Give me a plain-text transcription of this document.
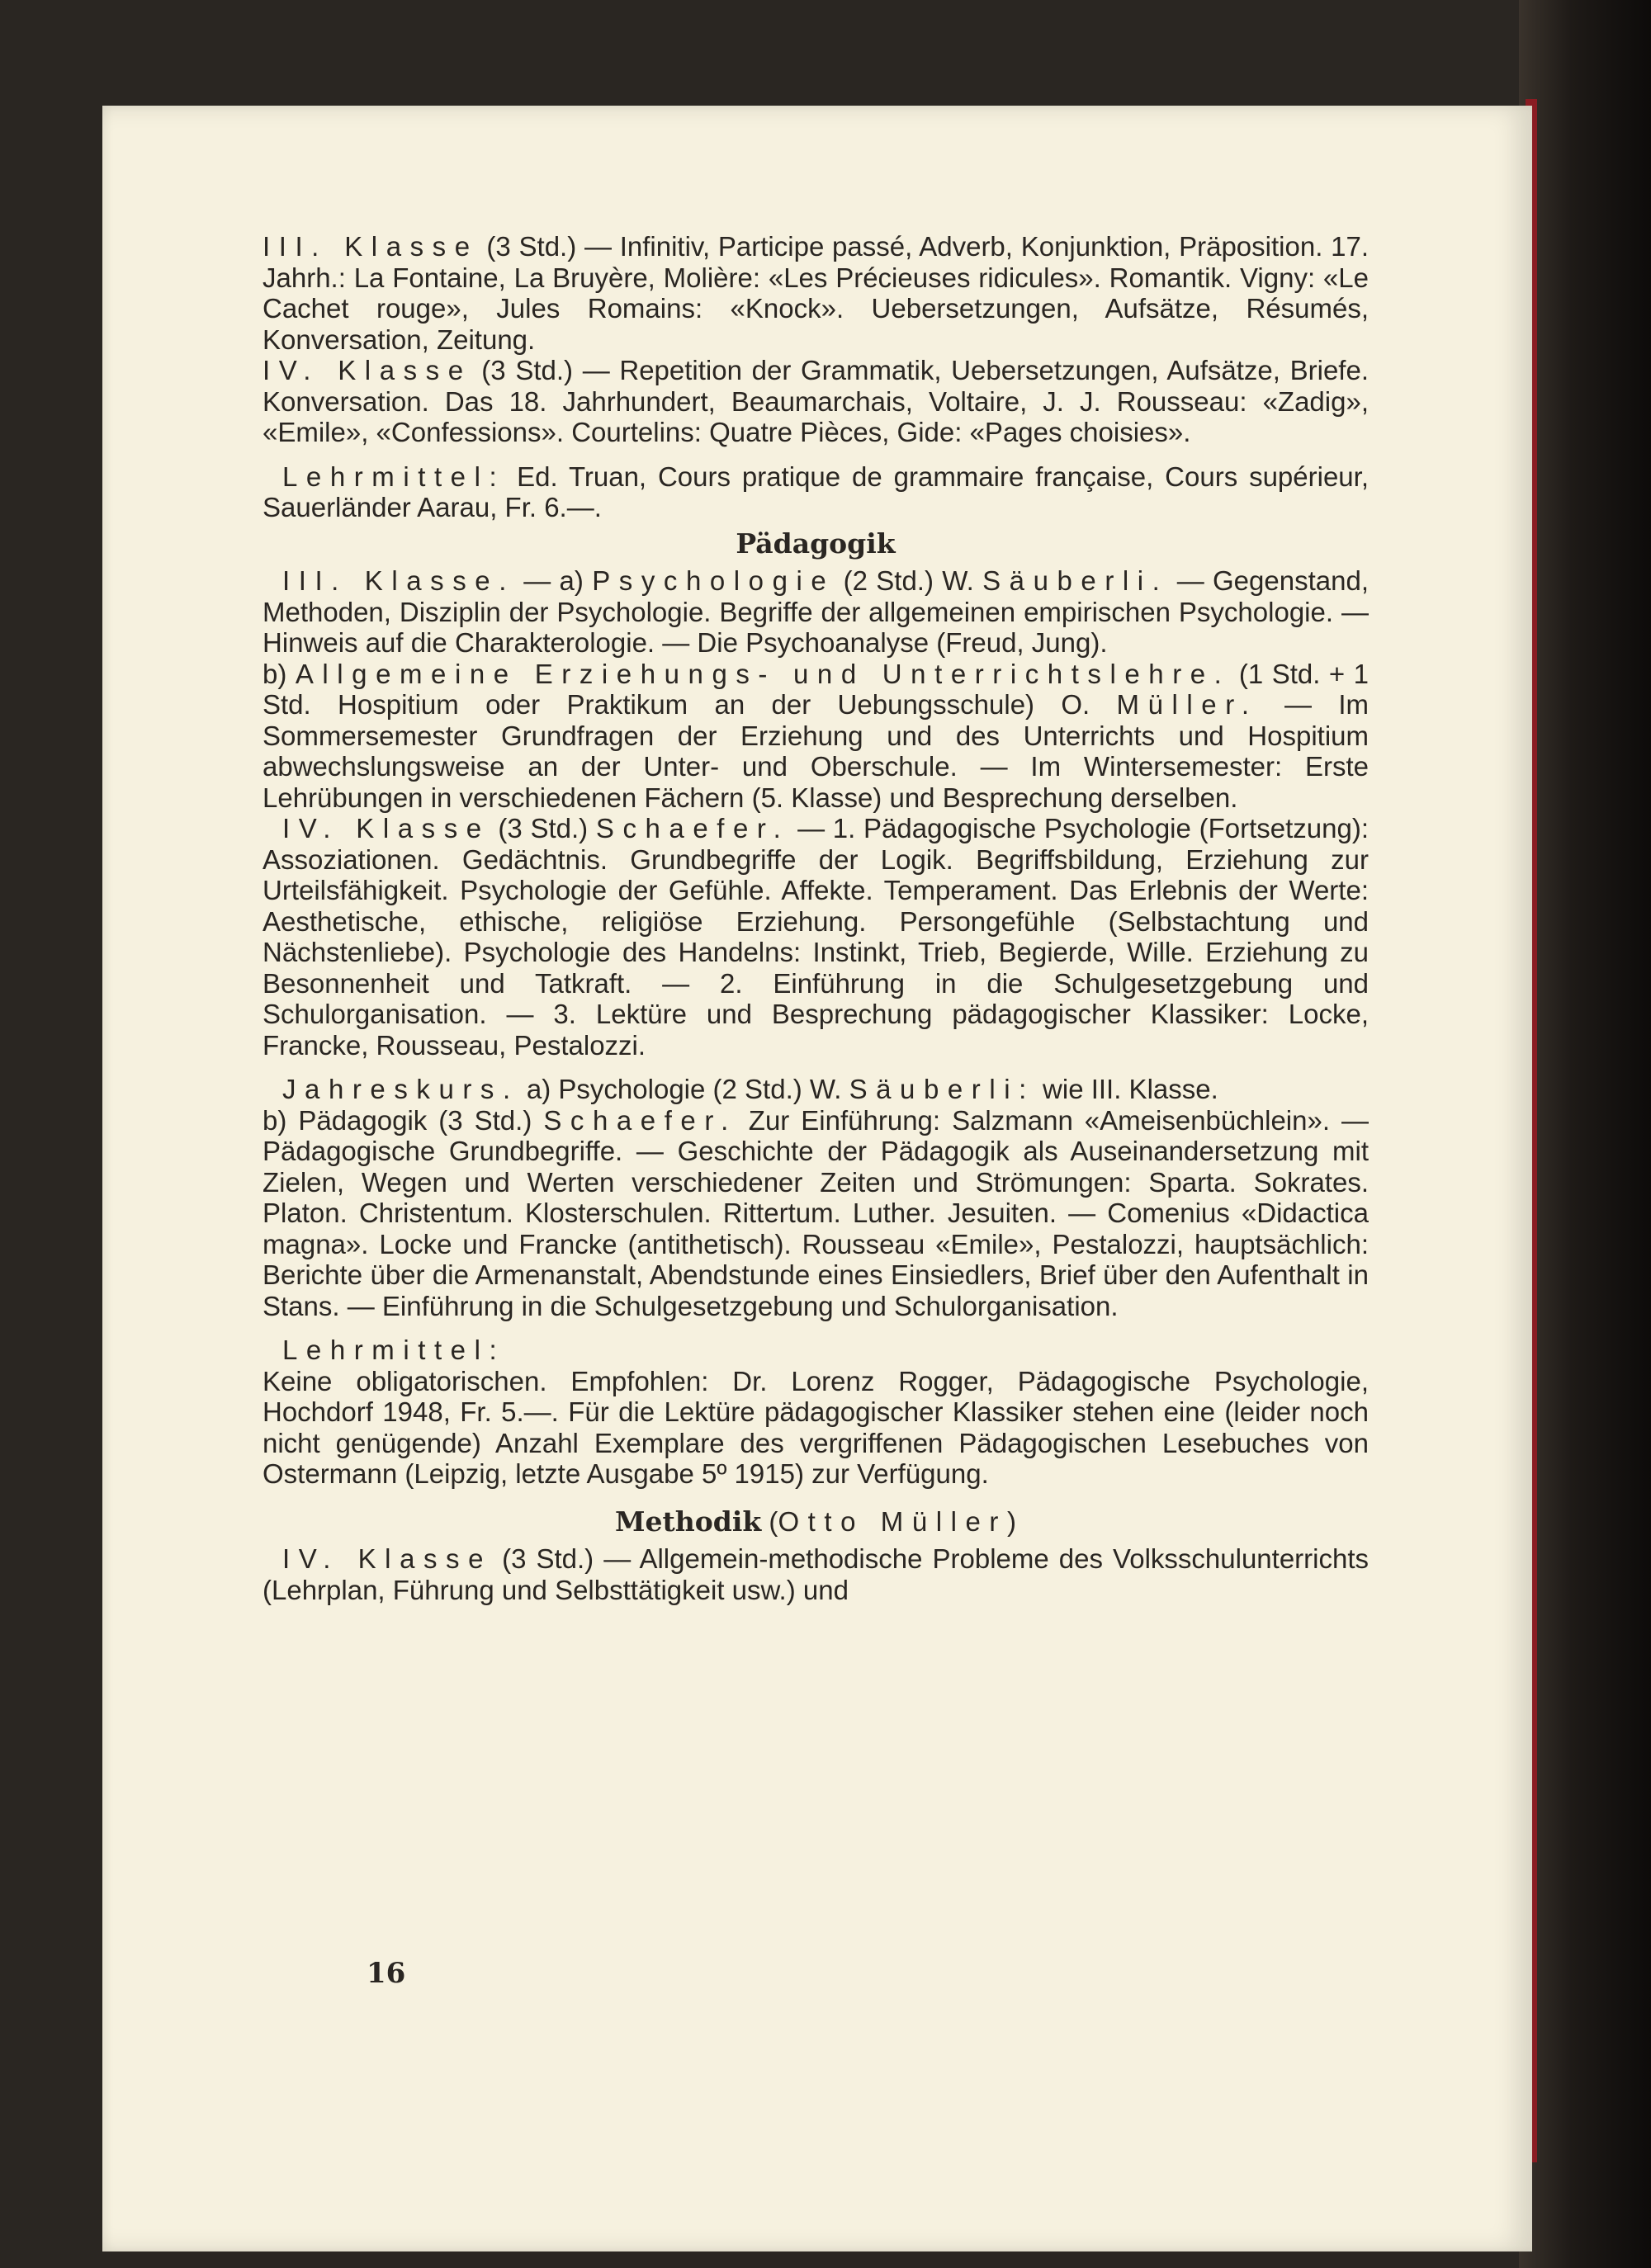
III. Klasse (3 Std.) — Infinitiv, Participe passé, Adverb, Konjunktion, Präposition. 17. Jahrh.: La Fontaine, La Bruyère, Molière: «Les Précieuses ridicules». Romantik. Vigny: «Le Cachet rouge», Jules Romains: «Knock». Uebersetzungen, Aufsätze, Résumés, Konversation, Zeitung.

IV. Klasse (3 Std.) — Repetition der Grammatik, Uebersetzungen, Aufsätze, Briefe. Konversation. Das 18. Jahrhundert, Beaumarchais, Voltaire, J. J. Rousseau: «Zadig», «Emile», «Confessions». Courtelins: Quatre Pièces, Gide: «Pages choisies».

Lehrmittel: Ed. Truan, Cours pratique de grammaire française, Cours supérieur, Sauerländer Aarau, Fr. 6.—.

Pädagogik

III. Klasse. — a) Psychologie (2 Std.) W. Säuberli. — Gegenstand, Methoden, Disziplin der Psychologie. Begriffe der allgemeinen empirischen Psychologie. — Hinweis auf die Charakterologie. — Die Psychoanalyse (Freud, Jung).

b) Allgemeine Erziehungs- und Unterrichtslehre. (1 Std. + 1 Std. Hospitium oder Praktikum an der Uebungsschule) O. Müller. — Im Sommersemester Grundfragen der Erziehung und des Unterrichts und Hospitium abwechslungsweise an der Unter- und Oberschule. — Im Wintersemester: Erste Lehrübungen in verschiedenen Fächern (5. Klasse) und Besprechung derselben.

IV. Klasse (3 Std.) Schaefer. — 1. Pädagogische Psychologie (Fortsetzung): Assoziationen. Gedächtnis. Grundbegriffe der Logik. Begriffsbildung, Erziehung zur Urteilsfähigkeit. Psychologie der Gefühle. Affekte. Temperament. Das Erlebnis der Werte: Aesthetische, ethische, religiöse Erziehung. Persongefühle (Selbstachtung und Nächstenliebe). Psychologie des Handelns: Instinkt, Trieb, Begierde, Wille. Erziehung zu Besonnenheit und Tatkraft. — 2. Einführung in die Schulgesetzgebung und Schulorganisation. — 3. Lektüre und Besprechung pädagogischer Klassiker: Locke, Francke, Rousseau, Pestalozzi.

Jahreskurs. a) Psychologie (2 Std.) W. Säuberli: wie III. Klasse.

b) Pädagogik (3 Std.) Schaefer. Zur Einführung: Salzmann «Ameisenbüchlein». — Pädagogische Grundbegriffe. — Geschichte der Pädagogik als Auseinandersetzung mit Zielen, Wegen und Werten verschiedener Zeiten und Strömungen: Sparta. Sokrates. Platon. Christentum. Klosterschulen. Rittertum. Luther. Jesuiten. — Comenius «Didactica magna». Locke und Francke (antithetisch). Rousseau «Emile», Pestalozzi, hauptsächlich: Berichte über die Armenanstalt, Abendstunde eines Einsiedlers, Brief über den Aufenthalt in Stans. — Einführung in die Schulgesetzgebung und Schulorganisation.

Lehrmittel:

Keine obligatorischen. Empfohlen: Dr. Lorenz Rogger, Pädagogische Psychologie, Hochdorf 1948, Fr. 5.—. Für die Lektüre pädagogischer Klassiker stehen eine (leider noch nicht genügende) Anzahl Exemplare des vergriffenen Pädagogischen Lesebuches von Ostermann (Leipzig, letzte Ausgabe 5º 1915) zur Verfügung.

Methodik (Otto Müller)

IV. Klasse (3 Std.) — Allgemein-methodische Probleme des Volksschulunterrichts (Lehrplan, Führung und Selbsttätigkeit usw.) und

16
